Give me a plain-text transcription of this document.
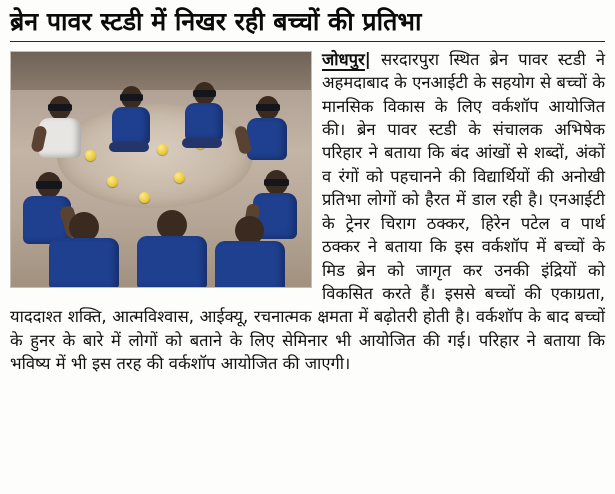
ब्रेन पावर स्टडी में निखर रही बच्चों की प्रतिभा

जोधपुर| सरदारपुरा स्थित ब्रेन पावर स्टडी ने अहमदाबाद के एनआईटी के सहयोग से बच्चों के मानसिक विकास के लिए वर्कशॉप आयोजित की। ब्रेन पावर स्टडी के संचालक अभिषेक परिहार ने बताया कि बंद आंखों से शब्दों, अंकों व रंगों को पहचानने की विद्यार्थियों की अनोखी प्रतिभा लोगों को हैरत में डाल रही है। एनआईटी के ट्रेनर चिराग ठक्कर, हिरेन पटेल व पार्थ ठक्कर ने बताया कि इस वर्कशॉप में बच्चों के मिड ब्रेन को जागृत कर उनकी इंद्रियों को विकसित करते हैं। इससे बच्चों की एकाग्रता, याददाश्त शक्ति, आत्मविश्वास, आईक्यू, रचनात्मक क्षमता में बढ़ोतरी होती है। वर्कशॉप के बाद बच्चों के हुनर के बारे में लोगों को बताने के लिए सेमिनार भी आयोजित की गई। परिहार ने बताया कि भविष्य में भी इस तरह की वर्कशॉप आयोजित की जाएगी।
